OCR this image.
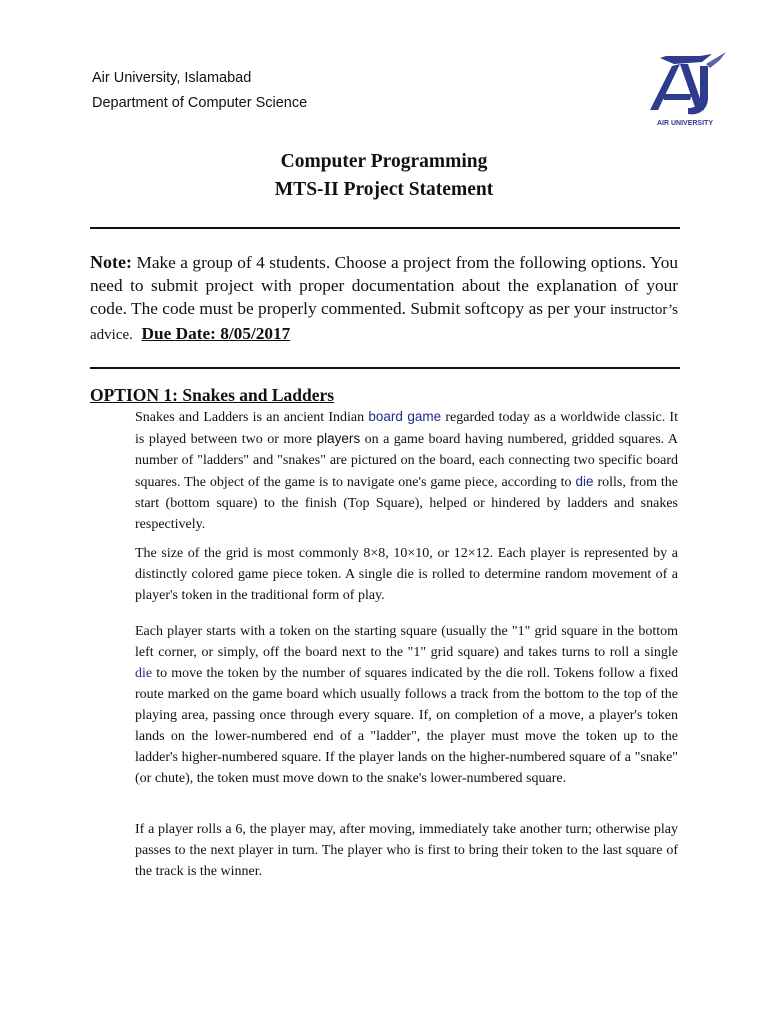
Air University, Islamabad
Department of Computer Science
AIR UNIVERSITY
Computer Programming
MTS-II Project Statement
Note: Make a group of 4 students. Choose a project from the following options. You need to submit project with proper documentation about the explanation of your code. The code must be properly commented. Submit softcopy as per your instructor’s advice. Due Date: 8/05/2017
OPTION 1: Snakes and Ladders
Snakes and Ladders is an ancient Indian board game regarded today as a worldwide classic. It is played between two or more players on a game board having numbered, gridded squares. A number of "ladders" and "snakes" are pictured on the board, each connecting two specific board squares. The object of the game is to navigate one's game piece, according to die rolls, from the start (bottom square) to the finish (Top Square), helped or hindered by ladders and snakes respectively.
The size of the grid is most commonly 8×8, 10×10, or 12×12. Each player is represented by a distinctly colored game piece token. A single die is rolled to determine random movement of a player's token in the traditional form of play.
Each player starts with a token on the starting square (usually the "1" grid square in the bottom left corner, or simply, off the board next to the "1" grid square) and takes turns to roll a single die to move the token by the number of squares indicated by the die roll. Tokens follow a fixed route marked on the game board which usually follows a track from the bottom to the top of the playing area, passing once through every square. If, on completion of a move, a player's token lands on the lower-numbered end of a "ladder", the player must move the token up to the ladder's higher-numbered square. If the player lands on the higher-numbered square of a "snake" (or chute), the token must move down to the snake's lower-numbered square.
If a player rolls a 6, the player may, after moving, immediately take another turn; otherwise play passes to the next player in turn. The player who is first to bring their token to the last square of the track is the winner.
